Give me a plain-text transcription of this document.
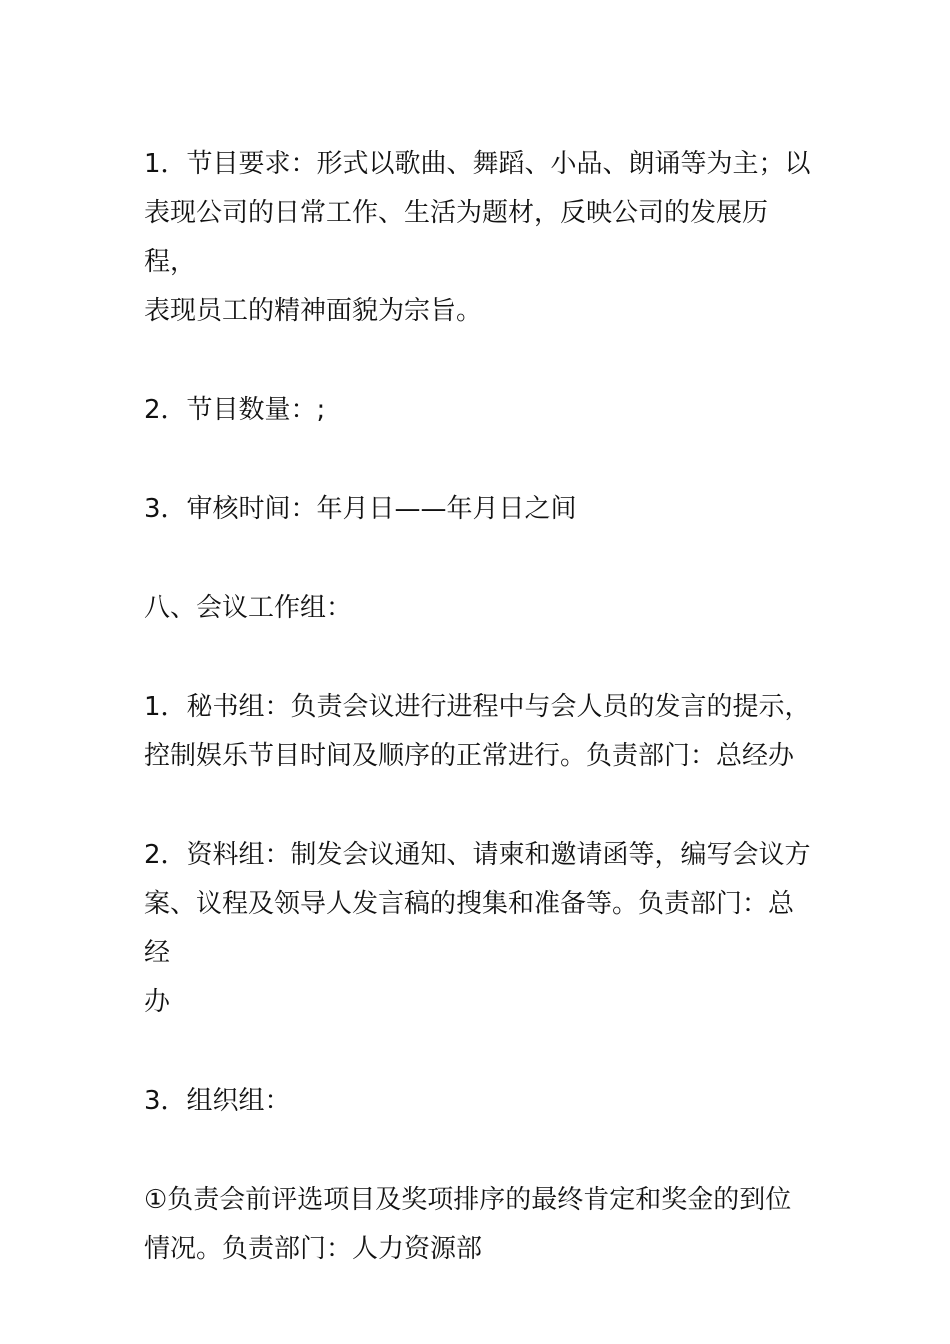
1．节目要求：形式以歌曲、舞蹈、小品、朗诵等为主；以
表现公司的日常工作、生活为题材，反映公司的发展历程，
表现员工的精神面貌为宗旨。

2．节目数量：;

3．审核时间：年月日——年月日之间

八、会议工作组：

1．秘书组：负责会议进行进程中与会人员的发言的提示，
控制娱乐节目时间及顺序的正常进行。负责部门：总经办

2．资料组：制发会议通知、请柬和邀请函等，编写会议方
案、议程及领导人发言稿的搜集和准备等。负责部门：总经
办

3．组织组：

①负责会前评选项目及奖项排序的最终肯定和奖金的到位
情况。负责部门：人力资源部
